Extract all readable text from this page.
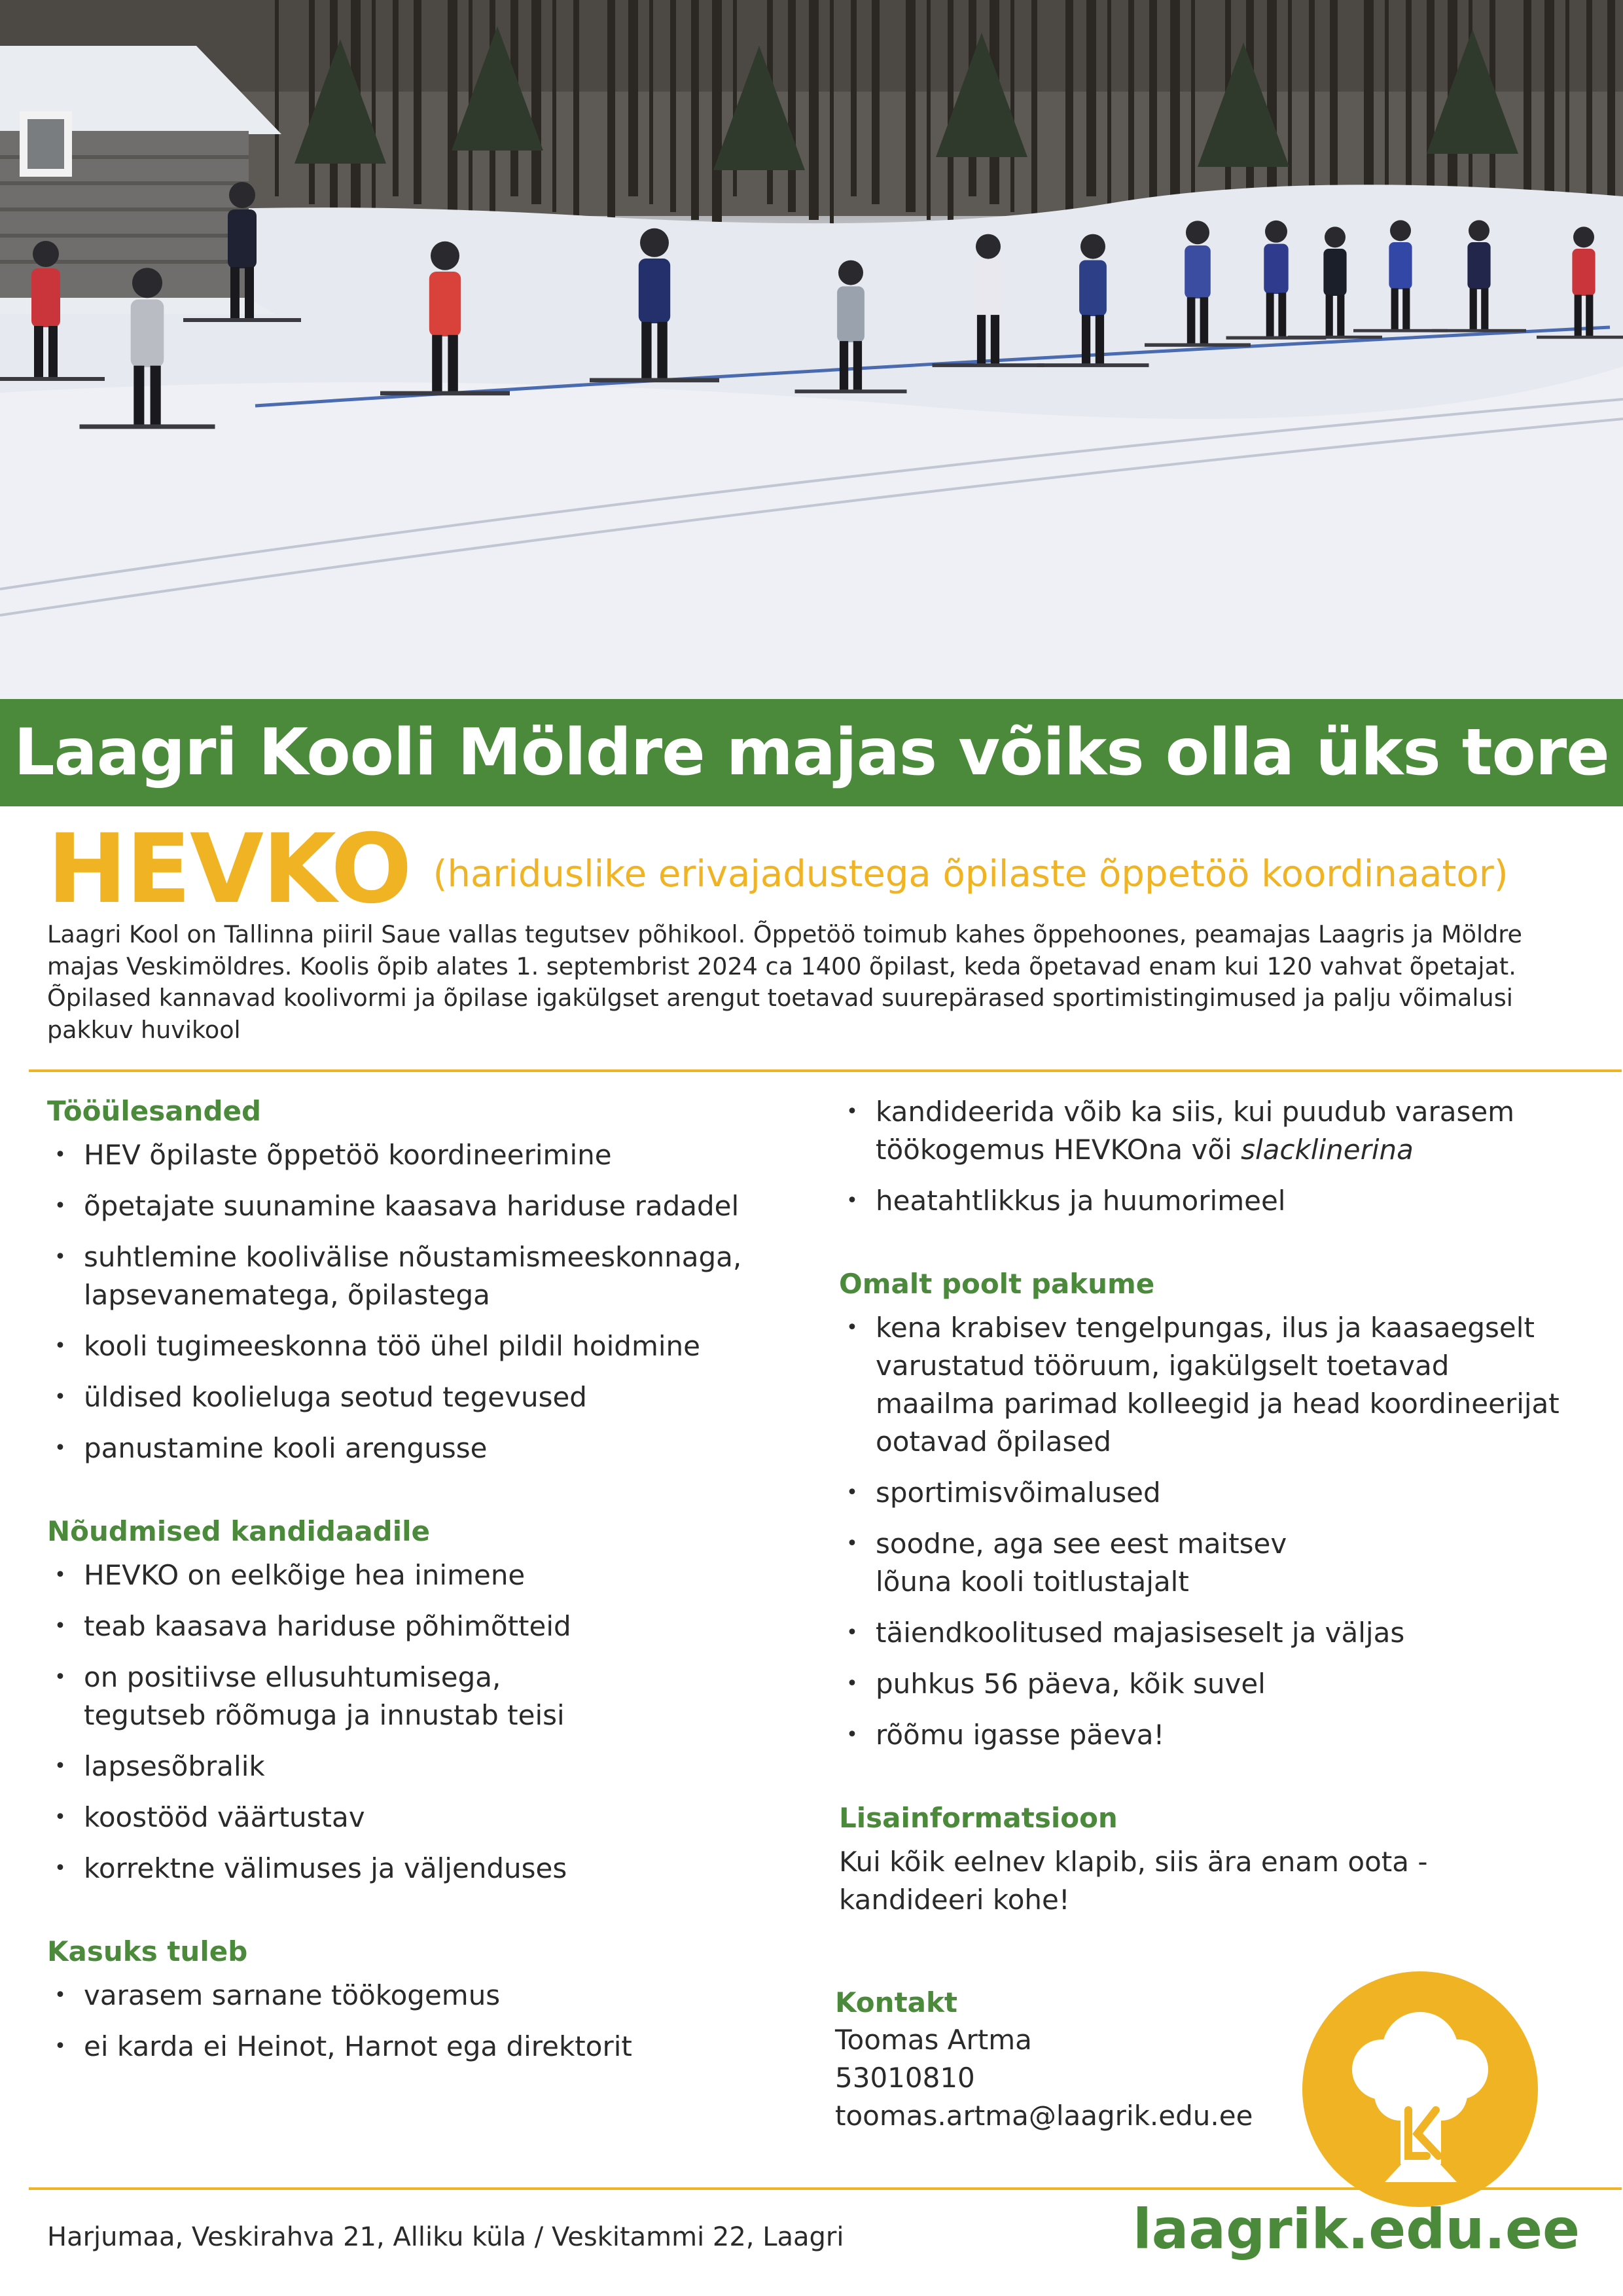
Laagri Kooli Möldre majas võiks olla üks tore
HEVKO (hariduslike erivajadustega õpilaste õppetöö koordinaator)
Laagri Kool on Tallinna piiril Saue vallas tegutsev põhikool. Õppetöö toimub kahes õppehoones, peamajas Laagris ja Möldre majas Veskimöldres. Koolis õpib alates 1. septembrist 2024 ca 1400 õpilast, keda õpetavad enam kui 120 vahvat õpetajat. Õpilased kannavad koolivormi ja õpilase igakülgset arengut toetavad suurepärased sportimistingimused ja palju võimalusi pakkuv huvikool
Tööülesanded
• HEV õpilaste õppetöö koordineerimine
• õpetajate suunamine kaasava hariduse radadel
• suhtlemine koolivälise nõustamismeeskonnaga, lapsevanematega, õpilastega
• kooli tugimeeskonna töö ühel pildil hoidmine
• üldised koolieluga seotud tegevused
• panustamine kooli arengusse
Nõudmised kandidaadile
• HEVKO on eelkõige hea inimene
• teab kaasava hariduse põhimõtteid
• on positiivse ellusuhtumisega, tegutseb rõõmuga ja innustab teisi
• lapsesõbralik
• koostööd väärtustav
• korrektne välimuses ja väljenduses
Kasuks tuleb
• varasem sarnane töökogemus
• ei karda ei Heinot, Harnot ega direktorit
• kandideerida võib ka siis, kui puudub varasem töökogemus HEVKOna või slacklinerina
• heatahtlikkus ja huumorimeel
Omalt poolt pakume
• kena krabisev tengelpungas, ilus ja kaasaegselt varustatud tööruum, igakülgselt toetavad maailma parimad kolleegid ja head koordineerijat ootavad õpilased
• sportimisvõimalused
• soodne, aga see eest maitsev lõuna kooli toitlustajalt
• täiendkoolitused majasiseselt ja väljas
• puhkus 56 päeva, kõik suvel
• rõõmu igasse päeva!
Lisainformatsioon
Kui kõik eelnev klapib, siis ära enam oota - kandideeri kohe!
Kontakt
Toomas Artma
53010810
toomas.artma@laagrik.edu.ee
Harjumaa, Veskirahva 21, Alliku küla / Veskitammi 22, Laagri	laagrik.edu.ee
